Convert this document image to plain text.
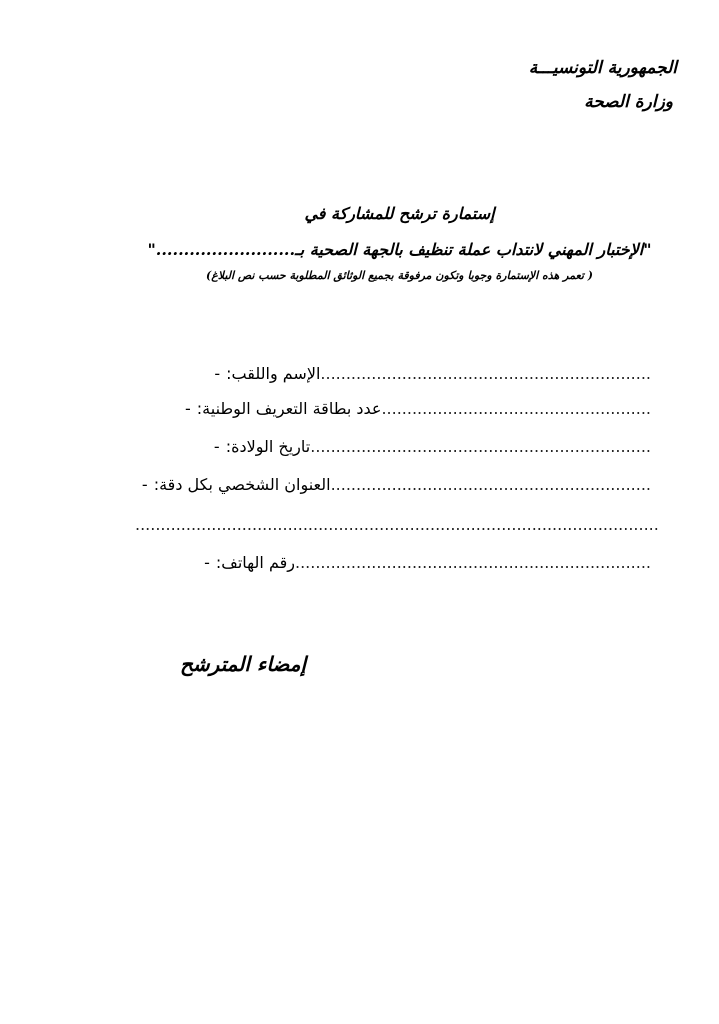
الجمهورية التونسيـــة
وزارة الصحة
إستمارة ترشح للمشاركة في
"الإختبار المهني لانتداب عملة تنظيف بالجهة الصحية بـ........................."
( تعمر هذه الإستمارة وجوبا وتكون مرفوقة بجميع الوثائق المطلوبة حسب نص البلاغ)
- الإسم واللقب: .................................................................
- عدد بطاقة التعريف الوطنية: .....................................................
- تاريخ الولادة: ...................................................................
- العنوان الشخصي بكل دقة: ...............................................................
.......................................................................................................
- رقم الهاتف: ......................................................................
إمضاء المترشح
